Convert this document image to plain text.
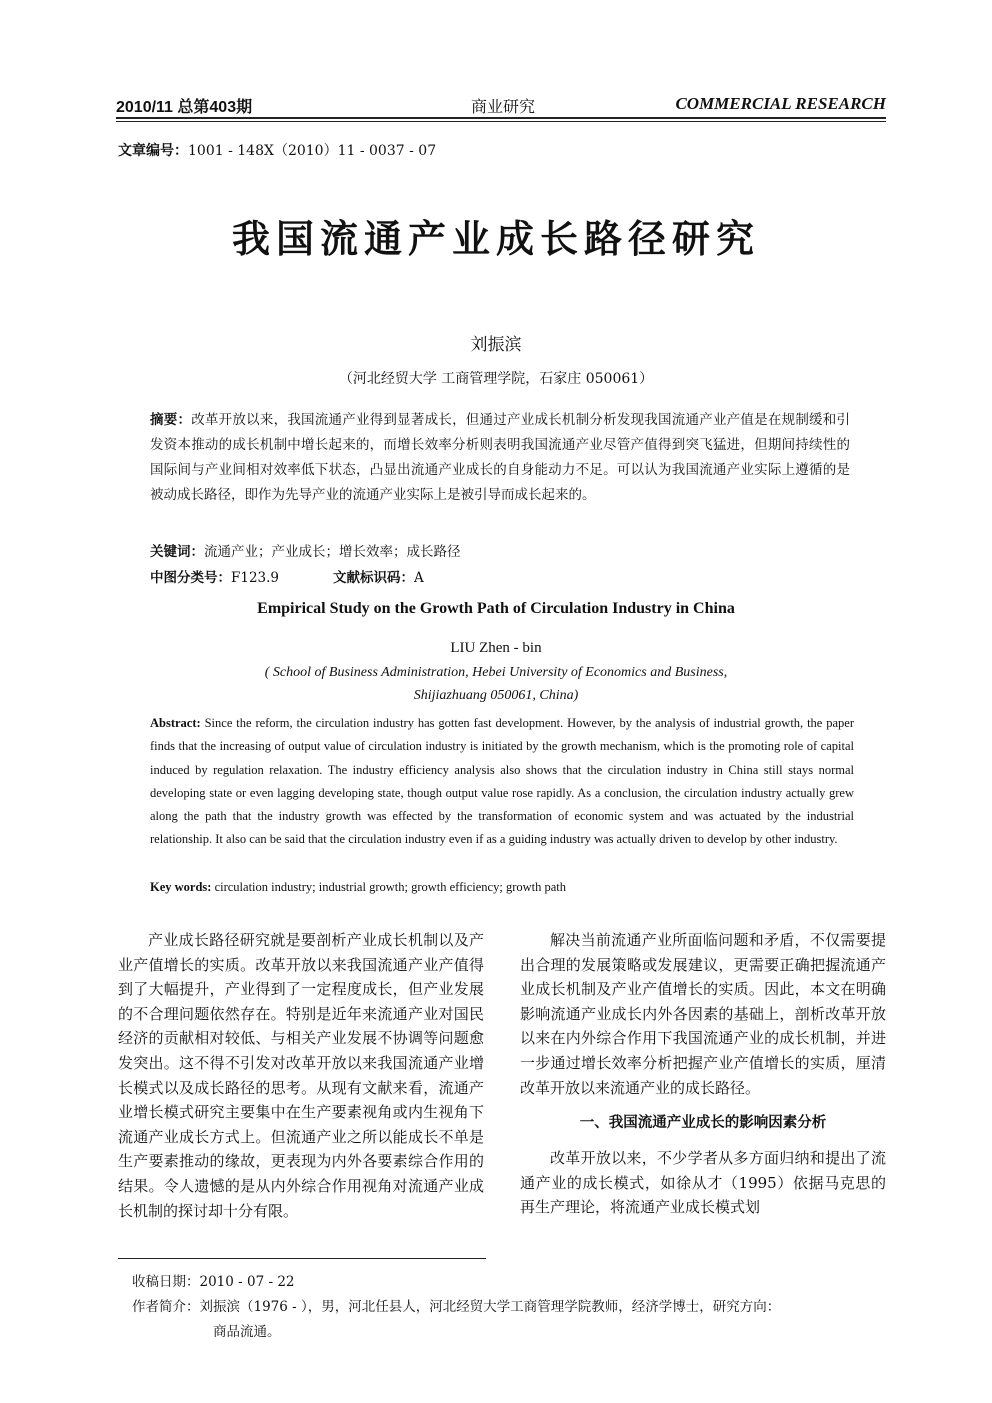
2010/11 总第403期	商业研究	COMMERCIAL RESEARCH
文章编号：1001 - 148X（2010）11 - 0037 - 07
我国流通产业成长路径研究
刘振滨
（河北经贸大学 工商管理学院，石家庄 050061）
摘要：改革开放以来，我国流通产业得到显著成长，但通过产业成长机制分析发现我国流通产业产值是在规制缓和引发资本推动的成长机制中增长起来的，而增长效率分析则表明我国流通产业尽管产值得到突飞猛进，但期间持续性的国际间与产业间相对效率低下状态，凸显出流通产业成长的自身能动力不足。可以认为我国流通产业实际上遵循的是被动成长路径，即作为先导产业的流通产业实际上是被引导而成长起来的。
关键词：流通产业；产业成长；增长效率；成长路径
中图分类号：F123.9	文献标识码：A
Empirical Study on the Growth Path of Circulation Industry in China
LIU Zhen - bin
( School of Business Administration, Hebei University of Economics and Business,
Shijiazhuang 050061, China)
Abstract: Since the reform, the circulation industry has gotten fast development. However, by the analysis of industrial growth, the paper finds that the increasing of output value of circulation industry is initiated by the growth mechanism, which is the promoting role of capital induced by regulation relaxation. The industry efficiency analysis also shows that the circulation industry in China still stays normal developing state or even lagging developing state, though output value rose rapidly. As a conclusion, the circulation industry actually grew along the path that the industry growth was effected by the transformation of economic system and was actuated by the industrial relationship. It also can be said that the circulation industry even if as a guiding industry was actually driven to develop by other industry.
Key words: circulation industry; industrial growth; growth efficiency; growth path

产业成长路径研究就是要剖析产业成长机制以及产业产值增长的实质。改革开放以来我国流通产业产值得到了大幅提升，产业得到了一定程度成长，但产业发展的不合理问题依然存在。特别是近年来流通产业对国民经济的贡献相对较低、与相关产业发展不协调等问题愈发突出。这不得不引发对改革开放以来我国流通产业增长模式以及成长路径的思考。从现有文献来看，流通产业增长模式研究主要集中在生产要素视角或内生视角下流通产业成长方式上。但流通产业之所以能成长不单是生产要素推动的缘故，更表现为内外各要素综合作用的结果。令人遗憾的是从内外综合作用视角对流通产业成长机制的探讨却十分有限。

解决当前流通产业所面临问题和矛盾，不仅需要提出合理的发展策略或发展建议，更需要正确把握流通产业成长机制及产业产值增长的实质。因此，本文在明确影响流通产业成长内外各因素的基础上，剖析改革开放以来在内外综合作用下我国流通产业的成长机制，并进一步通过增长效率分析把握产业产值增长的实质，厘清改革开放以来流通产业的成长路径。

一、我国流通产业成长的影响因素分析

改革开放以来，不少学者从多方面归纳和提出了流通产业的成长模式，如徐从才（1995）依据马克思的再生产理论，将流通产业成长模式划

收稿日期：2010 - 07 - 22
作者简介：刘振滨（1976 - ），男，河北任县人，河北经贸大学工商管理学院教师，经济学博士，研究方向：
商品流通。
